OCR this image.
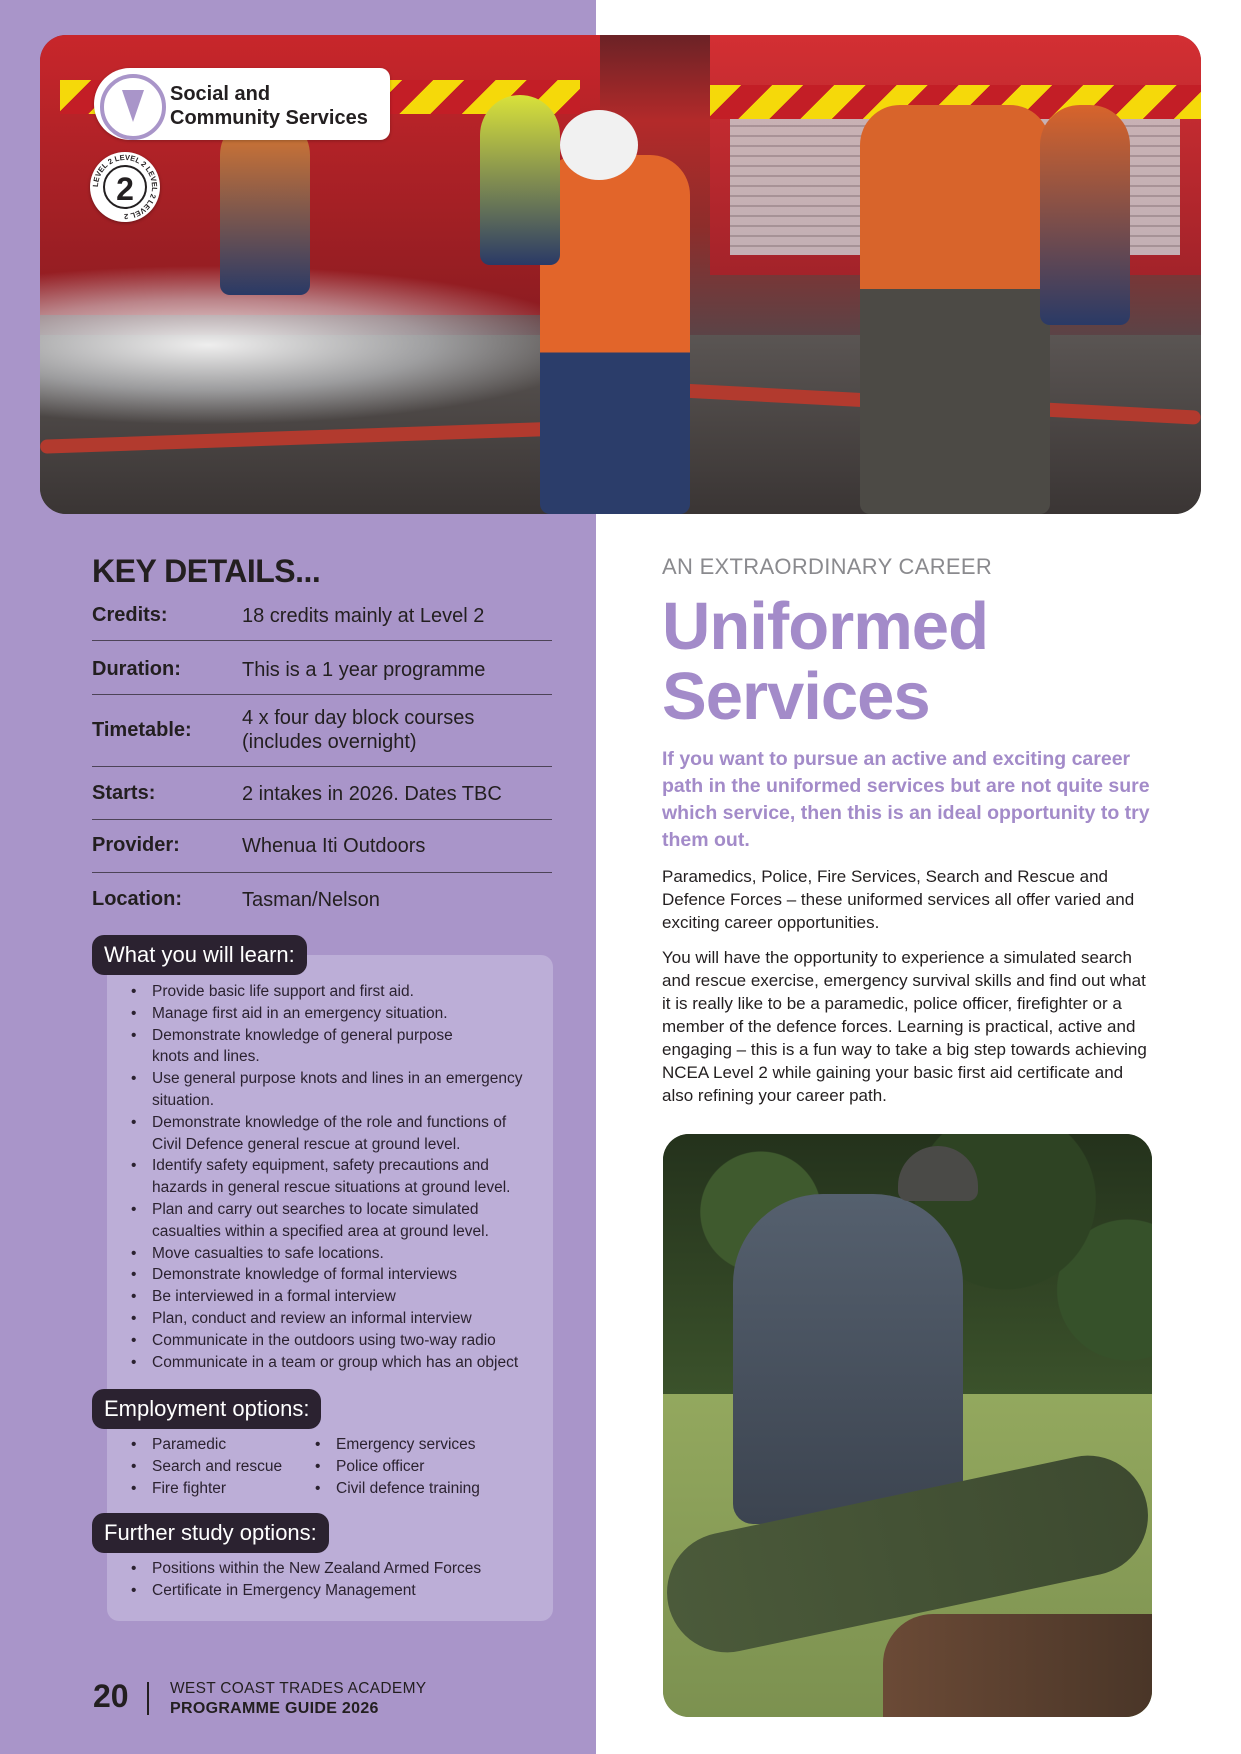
Social and
Community Services
LEVEL 2 LEVEL 2 LEVEL 2 LEVEL 2
2
KEY DETAILS...
Credits:	18 credits mainly at Level 2
Duration:	This is a 1 year programme
Timetable:
4 x four day block courses (includes overnight)
Starts:	2 intakes in 2026. Dates TBC
Provider:	Whenua Iti Outdoors
Location:	Tasman/Nelson
What you will learn:
• Provide basic life support and first aid.
• Manage first aid in an emergency situation.
• Demonstrate knowledge of general purpose knots and lines.
• Use general purpose knots and lines in an emergency situation.
• Demonstrate knowledge of the role and functions of Civil Defence general rescue at ground level.
• Identify safety equipment, safety precautions and hazards in general rescue situations at ground level.
• Plan and carry out searches to locate simulated casualties within a specified area at ground level.
• Move casualties to safe locations.
• Demonstrate knowledge of formal interviews
• Be interviewed in a formal interview
• Plan, conduct and review an informal interview
• Communicate in the outdoors using two-way radio
• Communicate in a team or group which has an object
Employment options:
• Paramedic
• Search and rescue
• Fire fighter
• Emergency services
• Police officer
• Civil defence training
Further study options:
• Positions within the New Zealand Armed Forces
• Certificate in Emergency Management
20	WEST COAST TRADES ACADEMY
PROGRAMME GUIDE 2026
AN EXTRAORDINARY CAREER
Uniformed
Services
If you want to pursue an active and exciting career path in the uniformed services but are not quite sure which service, then this is an ideal opportunity to try them out.
Paramedics, Police, Fire Services, Search and Rescue and Defence Forces – these uniformed services all offer varied and exciting career opportunities.
You will have the opportunity to experience a simulated search and rescue exercise, emergency survival skills and find out what it is really like to be a paramedic, police officer, firefighter or a member of the defence forces. Learning is practical, active and engaging – this is a fun way to take a big step towards achieving NCEA Level 2 while gaining your basic first aid certificate and also refining your career path.
